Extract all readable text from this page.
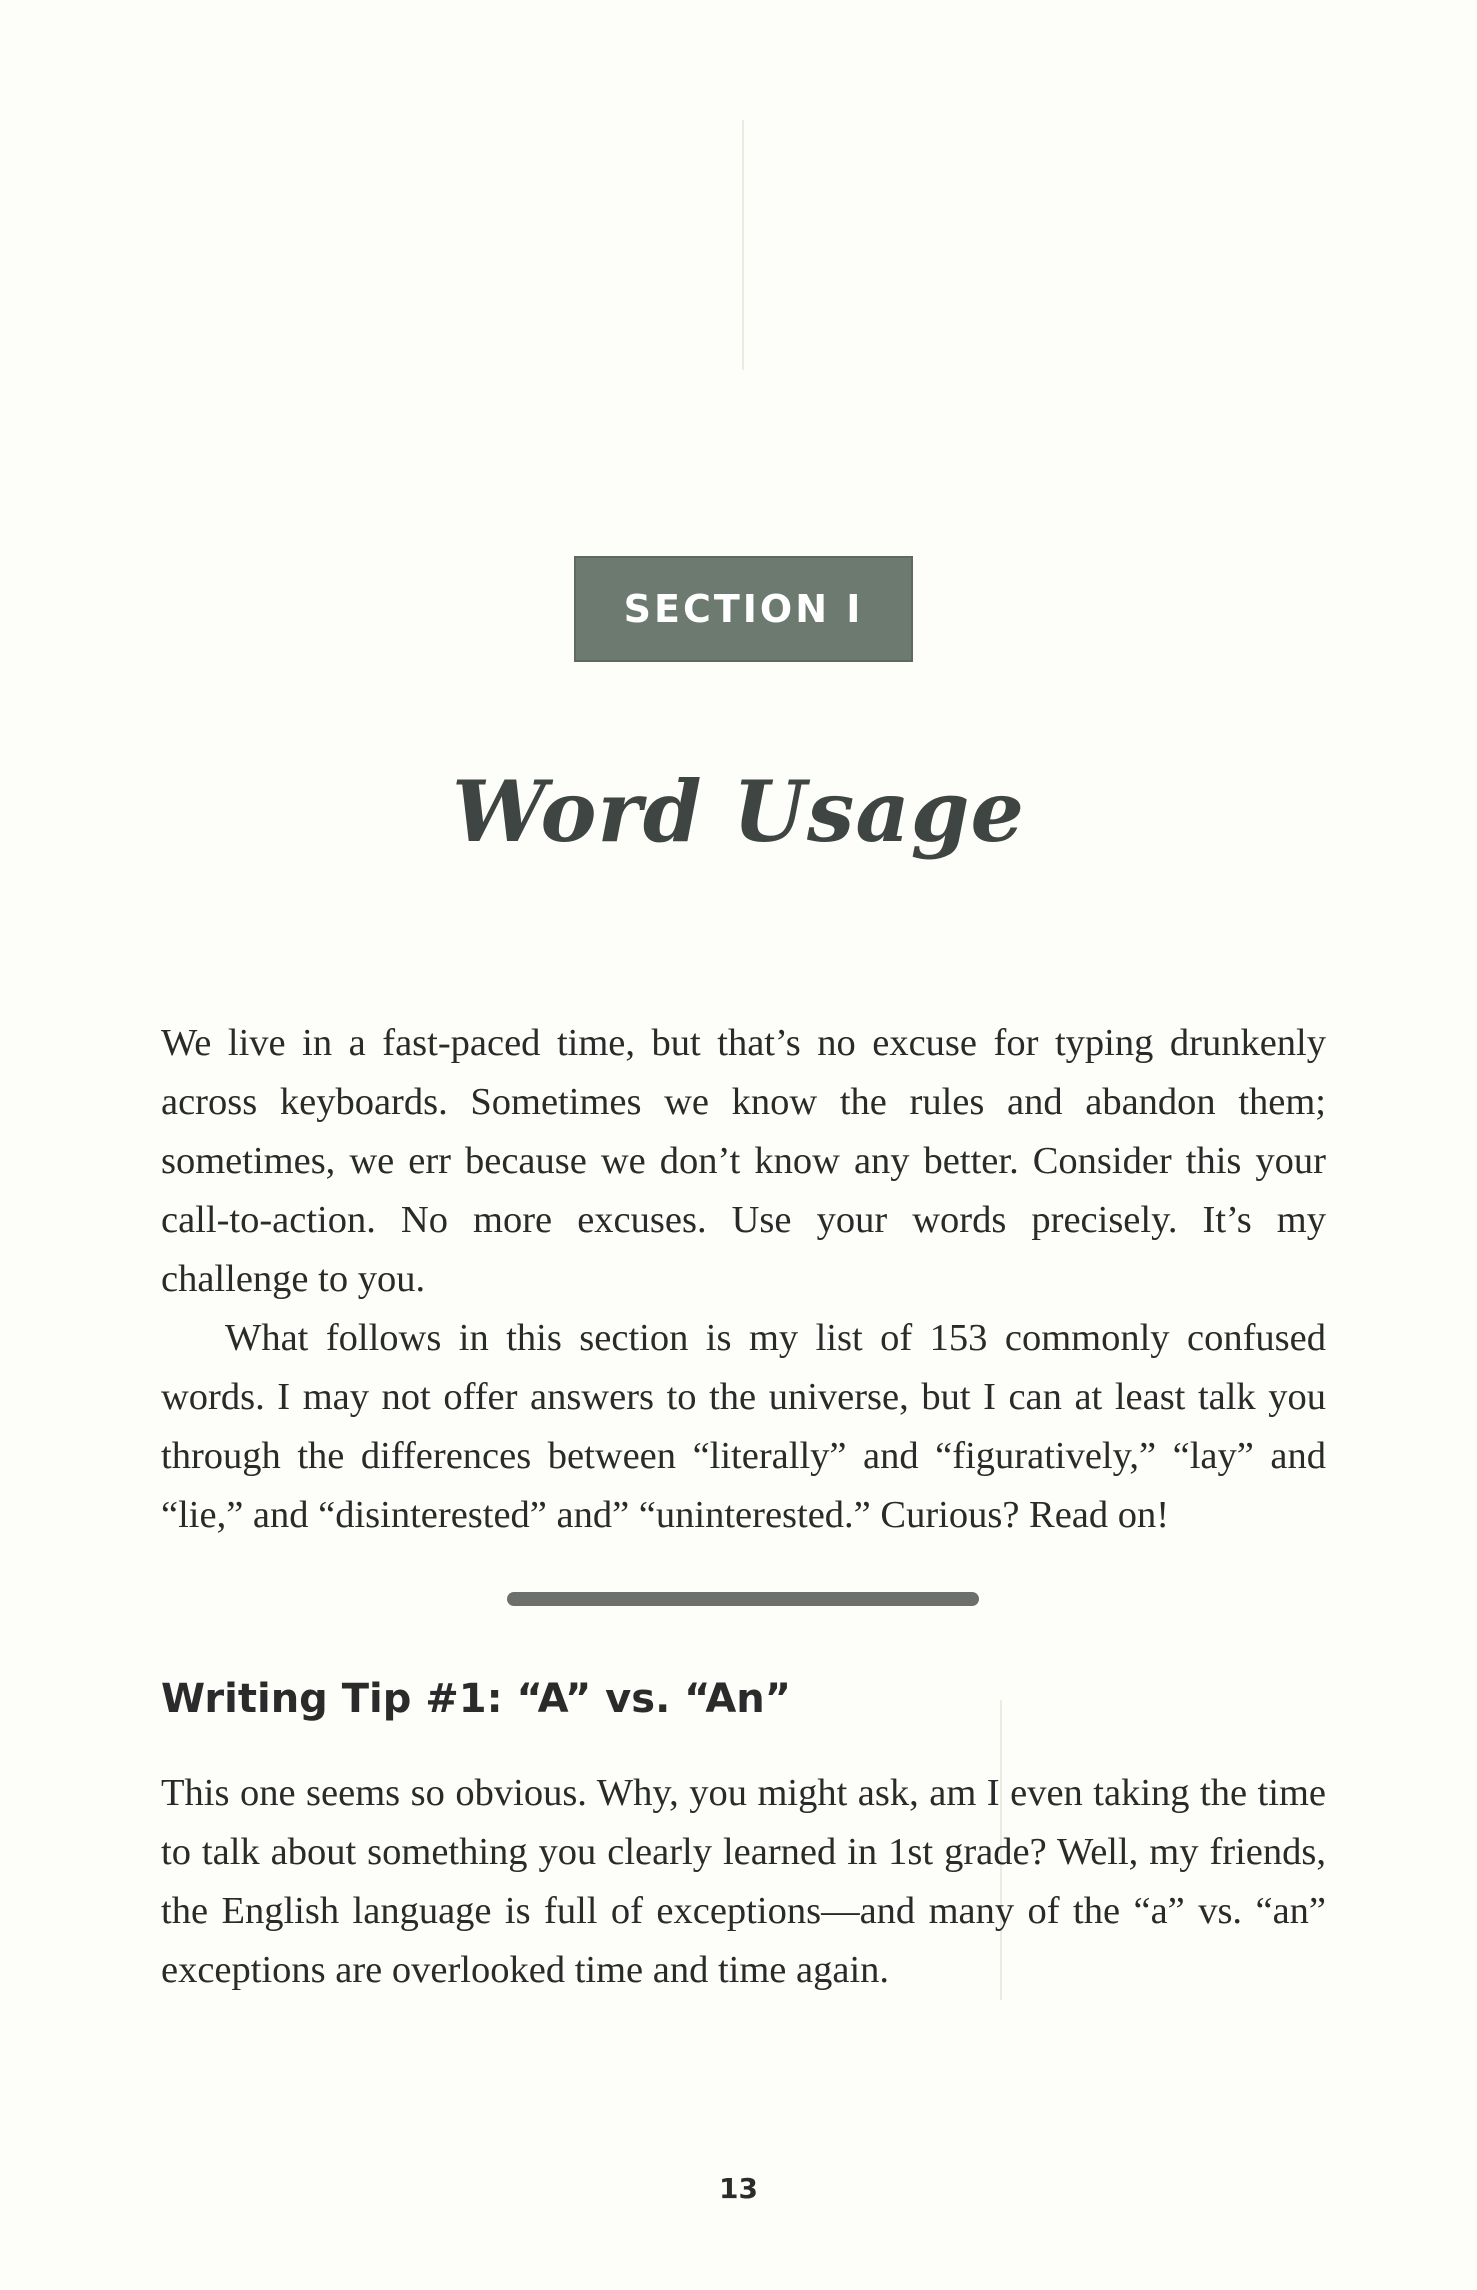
SECTION I
Word Usage

We live in a fast-paced time, but that’s no excuse for typing drunkenly across keyboards. Sometimes we know the rules and abandon them; sometimes, we err because we don’t know any better. Consider this your call-to-action. No more excuses. Use your words precisely. It’s my challenge to you.

What follows in this section is my list of 153 commonly confused words. I may not offer answers to the universe, but I can at least talk you through the differences between “literally” and “figuratively,” “lay” and “lie,” and “disinterested” and” “uninterested.” Curious? Read on!

Writing Tip #1: “A” vs. “An”

This one seems so obvious. Why, you might ask, am I even taking the time to talk about something you clearly learned in 1st grade? Well, my friends, the English language is full of exceptions—and many of the “a” vs. “an” exceptions are overlooked time and time again.

13
